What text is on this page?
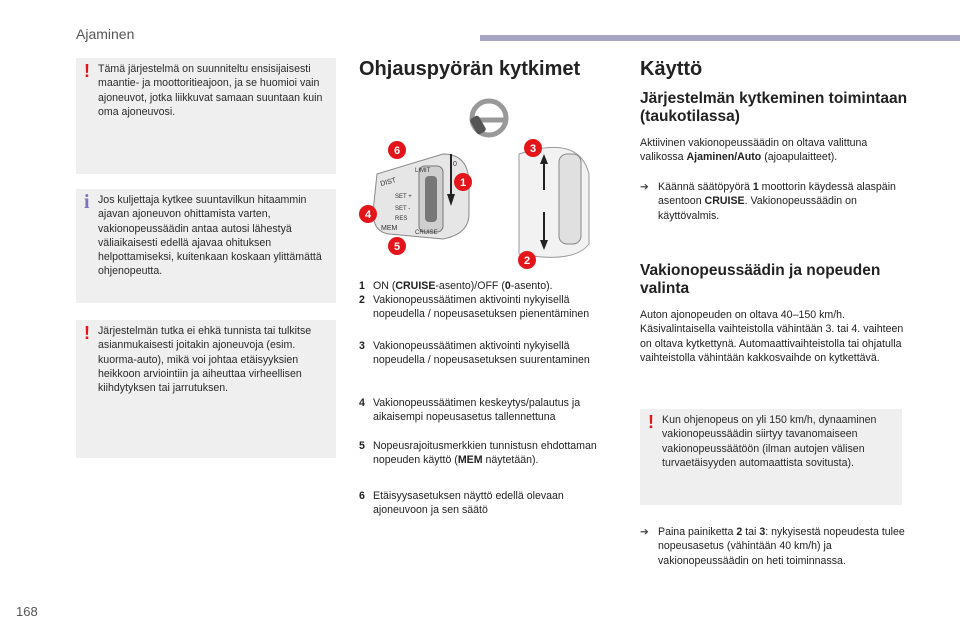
Ajaminen
! Tämä järjestelmä on suunniteltu ensisijaisesti maantie- ja moottoritieajoon, ja se huomioi vain ajoneuvot, jotka liikkuvat samaan suuntaan kuin oma ajoneuvosi.
i Jos kuljettaja kytkee suuntavilkun hitaammin ajavan ajoneuvon ohittamista varten, vakionopeussäädin antaa autosi lähestyä väliaikaisesti edellä ajavaa ohituksen helpottamiseksi, kuitenkaan koskaan ylittämättä ohjenopeutta.
! Järjestelmän tutka ei ehkä tunnista tai tulkitse asianmukaisesti joitakin ajoneuvoja (esim. kuorma-auto), mikä voi johtaa etäisyyksien heikkoon arviointiin ja aiheuttaa virheellisen kiihdytyksen tai jarrutuksen.
Ohjauspyörän kytkimet
DIST
LIMIT
CRUISE
MEM
SET +
SET -
RES
0
1
2
3
4
5
6
1 ON (CRUISE-asento)/OFF (0-asento).
2 Vakionopeussäätimen aktivointi nykyisellä nopeudella / nopeusasetuksen pienentäminen
3 Vakionopeussäätimen aktivointi nykyisellä nopeudella / nopeusasetuksen suurentaminen
4 Vakionopeussäätimen keskeytys/palautus ja aikaisempi nopeusasetus tallennettuna
5 Nopeusrajoitusmerkkien tunnistusn ehdottaman nopeuden käyttö (MEM näytetään).
6 Etäisyysasetuksen näyttö edellä olevaan ajoneuvoon ja sen säätö
Käyttö
Järjestelmän kytkeminen toimintaan (taukotilassa)
Aktiivinen vakionopeussäädin on oltava valittuna valikossa Ajaminen/Auto (ajoapulaitteet).
➔ Käännä säätöpyörä 1 moottorin käydessä alaspäin asentoon CRUISE. Vakionopeussäädin on käyttövalmis.
Vakionopeussäädin ja nopeuden valinta
Auton ajonopeuden on oltava 40–150 km/h. Käsivalintaisella vaihteistolla vähintään 3. tai 4. vaihteen on oltava kytkettynä. Automaattivaihteistolla tai ohjatulla vaihteistolla vähintään kakkosvaihde on kytkettävä.
! Kun ohjenopeus on yli 150 km/h, dynaaminen vakionopeussäädin siirtyy tavanomaiseen vakionopeussäätöön (ilman autojen välisen turvaetäisyyden automaattista sovitusta).
➔ Paina painiketta 2 tai 3: nykyisestä nopeudesta tulee nopeusasetus (vähintään 40 km/h) ja vakionopeussäädin on heti toiminnassa.
168
